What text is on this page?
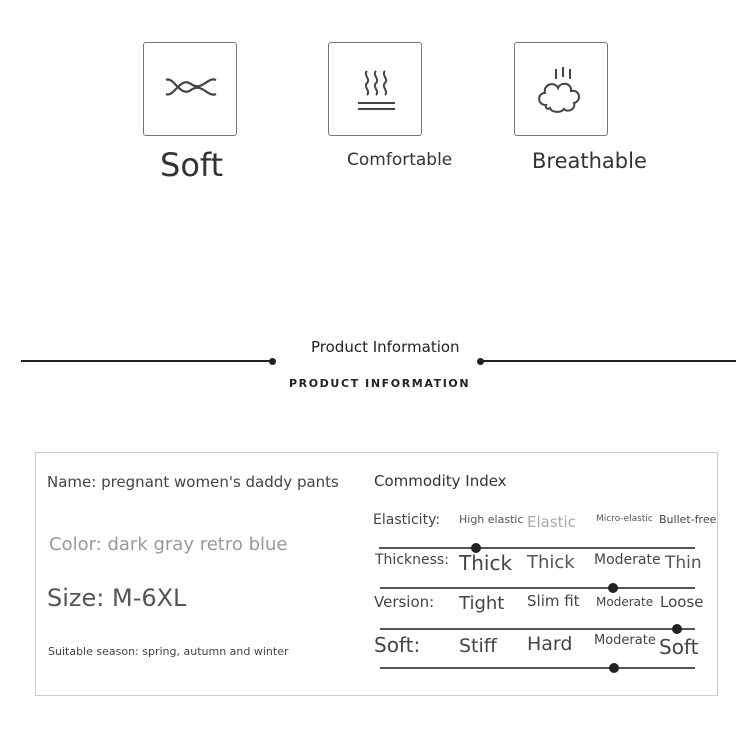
Soft	Comfortable	Breathable
Product Information
PRODUCT INFORMATION
Name: pregnant women's daddy pants
Color: dark gray retro blue
Size: M-6XL
Suitable season: spring, autumn and winter
Commodity Index
Elasticity: High elastic Elastic Micro-elastic Bullet-free
Thickness: Thick Thick Moderate Thin
Version: Tight Slim fit Moderate Loose
Soft: Stiff Hard Moderate Soft
